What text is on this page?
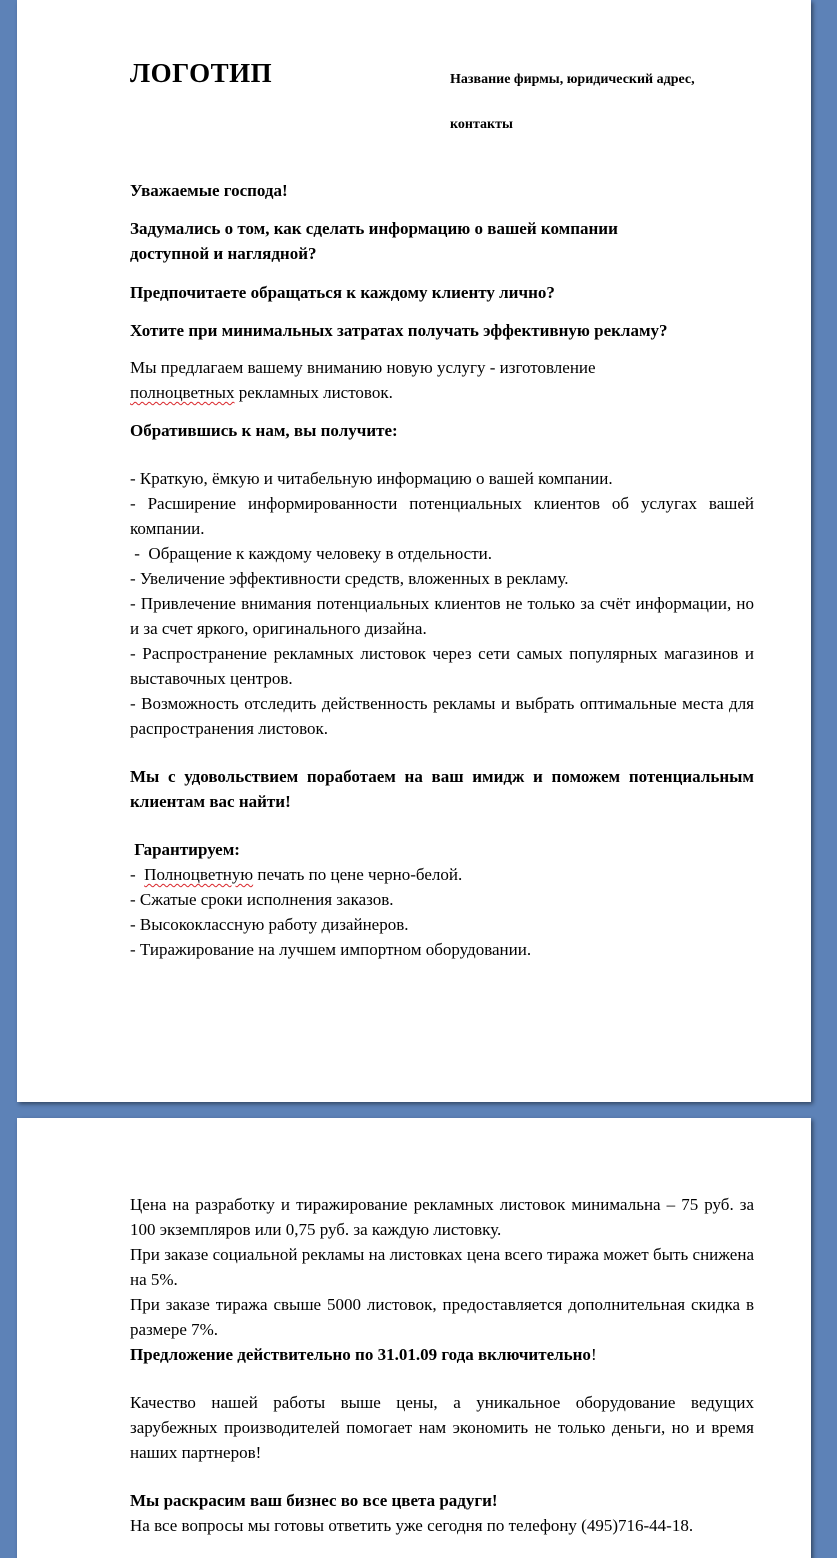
ЛОГОТИП	Название фирмы, юридический адрес,
контакты

Уважаемые господа!

Задумались о том, как сделать информацию о вашей компании доступной и наглядной?

Предпочитаете обращаться к каждому клиенту лично?

Хотите при минимальных затратах получать эффективную рекламу?

Мы предлагаем вашему вниманию новую услугу - изготовление
полноцветных рекламных листовок.

Обратившись к нам, вы получите:

- Краткую, ёмкую и читабельную информацию о вашей компании.

- Расширение информированности потенциальных клиентов об услугах вашей компании.

-  Обращение к каждому человеку в отдельности.

- Увеличение эффективности средств, вложенных в рекламу.

- Привлечение внимания потенциальных клиентов не только за счёт информации, но и за счет яркого, оригинального дизайна.

- Распространение рекламных листовок через сети самых популярных магазинов и выставочных центров.

- Возможность отследить действенность рекламы и выбрать оптимальные места для распространения листовок.

Мы с удовольствием поработаем на ваш имидж и поможем потенциальным клиентам вас найти!

Гарантируем:

-  Полноцветную печать по цене черно-белой.

- Сжатые сроки исполнения заказов.

- Высококлассную работу дизайнеров.

- Тиражирование на лучшем импортном оборудовании.

Цена на разработку и тиражирование рекламных листовок минимальна – 75 руб. за 100 экземпляров или 0,75 руб. за каждую листовку.

При заказе социальной рекламы на листовках цена всего тиража может быть снижена на 5%.

При заказе тиража свыше 5000 листовок, предоставляется дополнительная скидка в размере 7%.

Предложение действительно по 31.01.09 года включительно!

Качество нашей работы выше цены, а уникальное оборудование ведущих зарубежных производителей помогает нам экономить не только деньги, но и время наших партнеров!

Мы раскрасим ваш бизнес во все цвета радуги!

На все вопросы мы готовы ответить уже сегодня по телефону (495)716-44-18.
